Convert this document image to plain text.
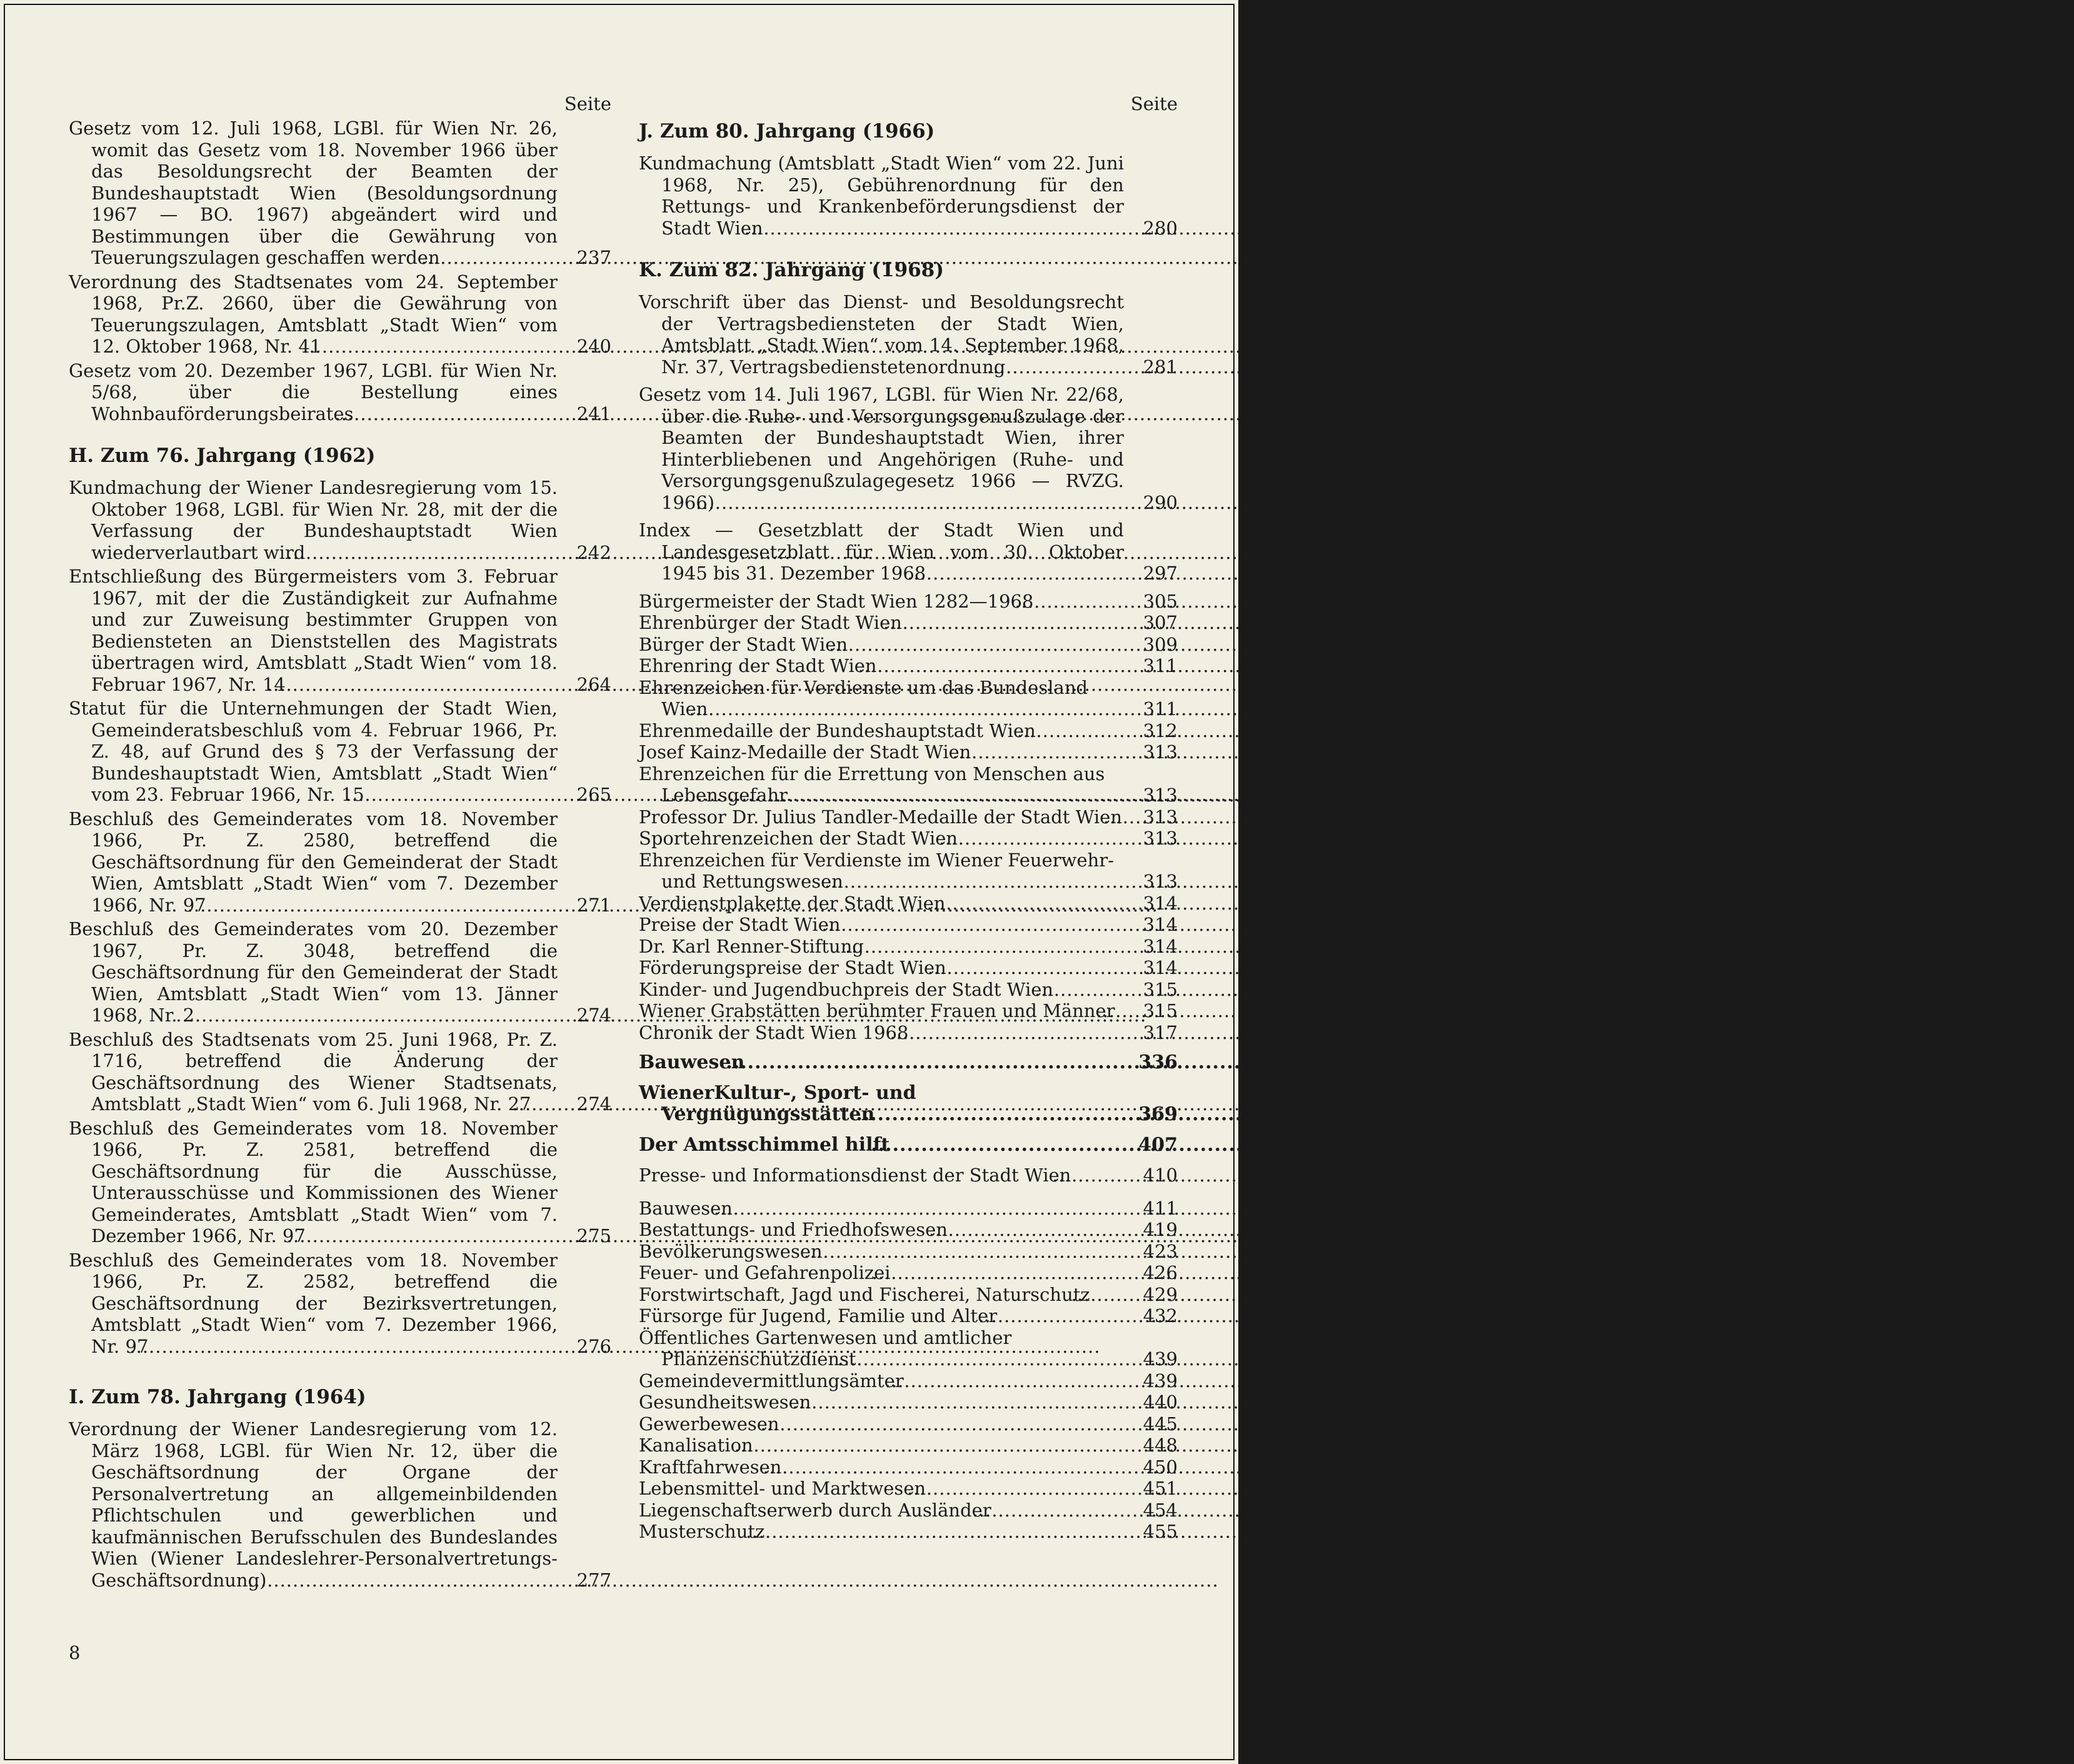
Seite
Gesetz vom 12. Juli 1968, LGBl. für Wien Nr. 26, womit das Gesetz vom 18. November 1966 über das Besoldungsrecht der Beamten der Bundeshauptstadt Wien (Besoldungsordnung 1967 — BO. 1967) abgeändert wird und Bestimmungen über die Gewährung von Teuerungszulagen geschaffen werden .....	237
Verordnung des Stadtsenates vom 24. September 1968, Pr.Z. 2660, über die Gewährung von Teuerungszulagen, Amtsblatt „Stadt Wien“ vom 12. Oktober 1968, Nr. 41 .....	240
Gesetz vom 20. Dezember 1967, LGBl. für Wien Nr. 5/68, über die Bestellung eines Wohnbauförderungsbeirates .....	241
H. Zum 76. Jahrgang (1962)
Kundmachung der Wiener Landesregierung vom 15. Oktober 1968, LGBl. für Wien Nr. 28, mit der die Verfassung der Bundeshauptstadt Wien wiederverlautbart wird .....	242
Entschließung des Bürgermeisters vom 3. Februar 1967, mit der die Zuständigkeit zur Aufnahme und zur Zuweisung bestimmter Gruppen von Bediensteten an Dienststellen des Magistrats übertragen wird, Amtsblatt „Stadt Wien“ vom 18. Februar 1967, Nr. 14 .....	264
Statut für die Unternehmungen der Stadt Wien, Gemeinderatsbeschluß vom 4. Februar 1966, Pr. Z. 48, auf Grund des § 73 der Verfassung der Bundeshauptstadt Wien, Amtsblatt „Stadt Wien“ vom 23. Februar 1966, Nr. 15 .....	265
Beschluß des Gemeinderates vom 18. November 1966, Pr. Z. 2580, betreffend die Geschäftsordnung für den Gemeinderat der Stadt Wien, Amtsblatt „Stadt Wien“ vom 7. Dezember 1966, Nr. 97 .....	271
Beschluß des Gemeinderates vom 20. Dezember 1967, Pr. Z. 3048, betreffend die Geschäftsordnung für den Gemeinderat der Stadt Wien, Amtsblatt „Stadt Wien“ vom 13. Jänner 1968, Nr. 2 .....	274
Beschluß des Stadtsenats vom 25. Juni 1968, Pr. Z. 1716, betreffend die Änderung der Geschäftsordnung des Wiener Stadtsenats, Amtsblatt „Stadt Wien“ vom 6. Juli 1968, Nr. 27 .....	274
Beschluß des Gemeinderates vom 18. November 1966, Pr. Z. 2581, betreffend die Geschäftsordnung für die Ausschüsse, Unterausschüsse und Kommissionen des Wiener Gemeinderates, Amtsblatt „Stadt Wien“ vom 7. Dezember 1966, Nr. 97 .....	275
Beschluß des Gemeinderates vom 18. November 1966, Pr. Z. 2582, betreffend die Geschäftsordnung der Bezirksvertretungen, Amtsblatt „Stadt Wien“ vom 7. Dezember 1966, Nr. 97 .....	276
I. Zum 78. Jahrgang (1964)
Verordnung der Wiener Landesregierung vom 12. März 1968, LGBl. für Wien Nr. 12, über die Geschäftsordnung der Organe der Personalvertretung an allgemeinbildenden Pflichtschulen und gewerblichen und kaufmännischen Berufsschulen des Bundeslandes Wien (Wiener Landeslehrer-Personalvertretungs-Geschäftsordnung) .....	277
Seite
J. Zum 80. Jahrgang (1966)
Kundmachung (Amtsblatt „Stadt Wien“ vom 22. Juni 1968, Nr. 25), Gebührenordnung für den Rettungs- und Krankenbeförderungsdienst der Stadt Wien .....	280
K. Zum 82. Jahrgang (1968)
Vorschrift über das Dienst- und Besoldungsrecht der Vertragsbediensteten der Stadt Wien, Amtsblatt „Stadt Wien“ vom 14. September 1968, Nr. 37, Vertragsbedienstetenordnung .....	281
Gesetz vom 14. Juli 1967, LGBl. für Wien Nr. 22/68, über die Ruhe- und Versorgungsgenußzulage der Beamten der Bundeshauptstadt Wien, ihrer Hinterbliebenen und Angehörigen (Ruhe- und Versorgungsgenußzulagegesetz 1966 — RVZG. 1966) .....	290
Index — Gesetzblatt der Stadt Wien und Landesgesetzblatt für Wien vom 30. Oktober 1945 bis 31. Dezember 1968 .....	297
Bürgermeister der Stadt Wien 1282—1968 .....	305
Ehrenbürger der Stadt Wien .....	307
Bürger der Stadt Wien .....	309
Ehrenring der Stadt Wien .....	311
Ehrenzeichen für Verdienste um das Bundesland Wien .....	311
Ehrenmedaille der Bundeshauptstadt Wien .....	312
Josef Kainz-Medaille der Stadt Wien .....	313
Ehrenzeichen für die Errettung von Menschen aus Lebensgefahr .....	313
Professor Dr. Julius Tandler-Medaille der Stadt Wien ..... 313
Sportehrenzeichen der Stadt Wien .....	313
Ehrenzeichen für Verdienste im Wiener Feuerwehr- und Rettungswesen .....	313
Verdienstplakette der Stadt Wien .....	314
Preise der Stadt Wien .....	314
Dr. Karl Renner-Stiftung .....	314
Förderungspreise der Stadt Wien .....	314
Kinder- und Jugendbuchpreis der Stadt Wien .....	315
Wiener Grabstätten berühmter Frauen und Männer .....	315
Chronik der Stadt Wien 1968 .....	317
Bauwesen .....	336
WienerKultur-, Sport- und Vergnügungsstätten .....	369
Der Amtsschimmel hilft .....	407
Presse- und Informationsdienst der Stadt Wien .....	410
Bauwesen .....	411
Bestattungs- und Friedhofswesen .....	419
Bevölkerungswesen .....	423
Feuer- und Gefahrenpolizei .....	426
Forstwirtschaft, Jagd und Fischerei, Naturschutz .....	429
Fürsorge für Jugend, Familie und Alter .....	432
Öffentliches Gartenwesen und amtlicher Pflanzenschutzdienst .....	439
Gemeindevermittlungsämter .....	439
Gesundheitswesen .....	440
Gewerbewesen .....	445
Kanalisation .....	448
Kraftfahrwesen .....	450
Lebensmittel- und Marktwesen .....	451
Liegenschaftserwerb durch Ausländer .....	454
Musterschutz .....	455
8
